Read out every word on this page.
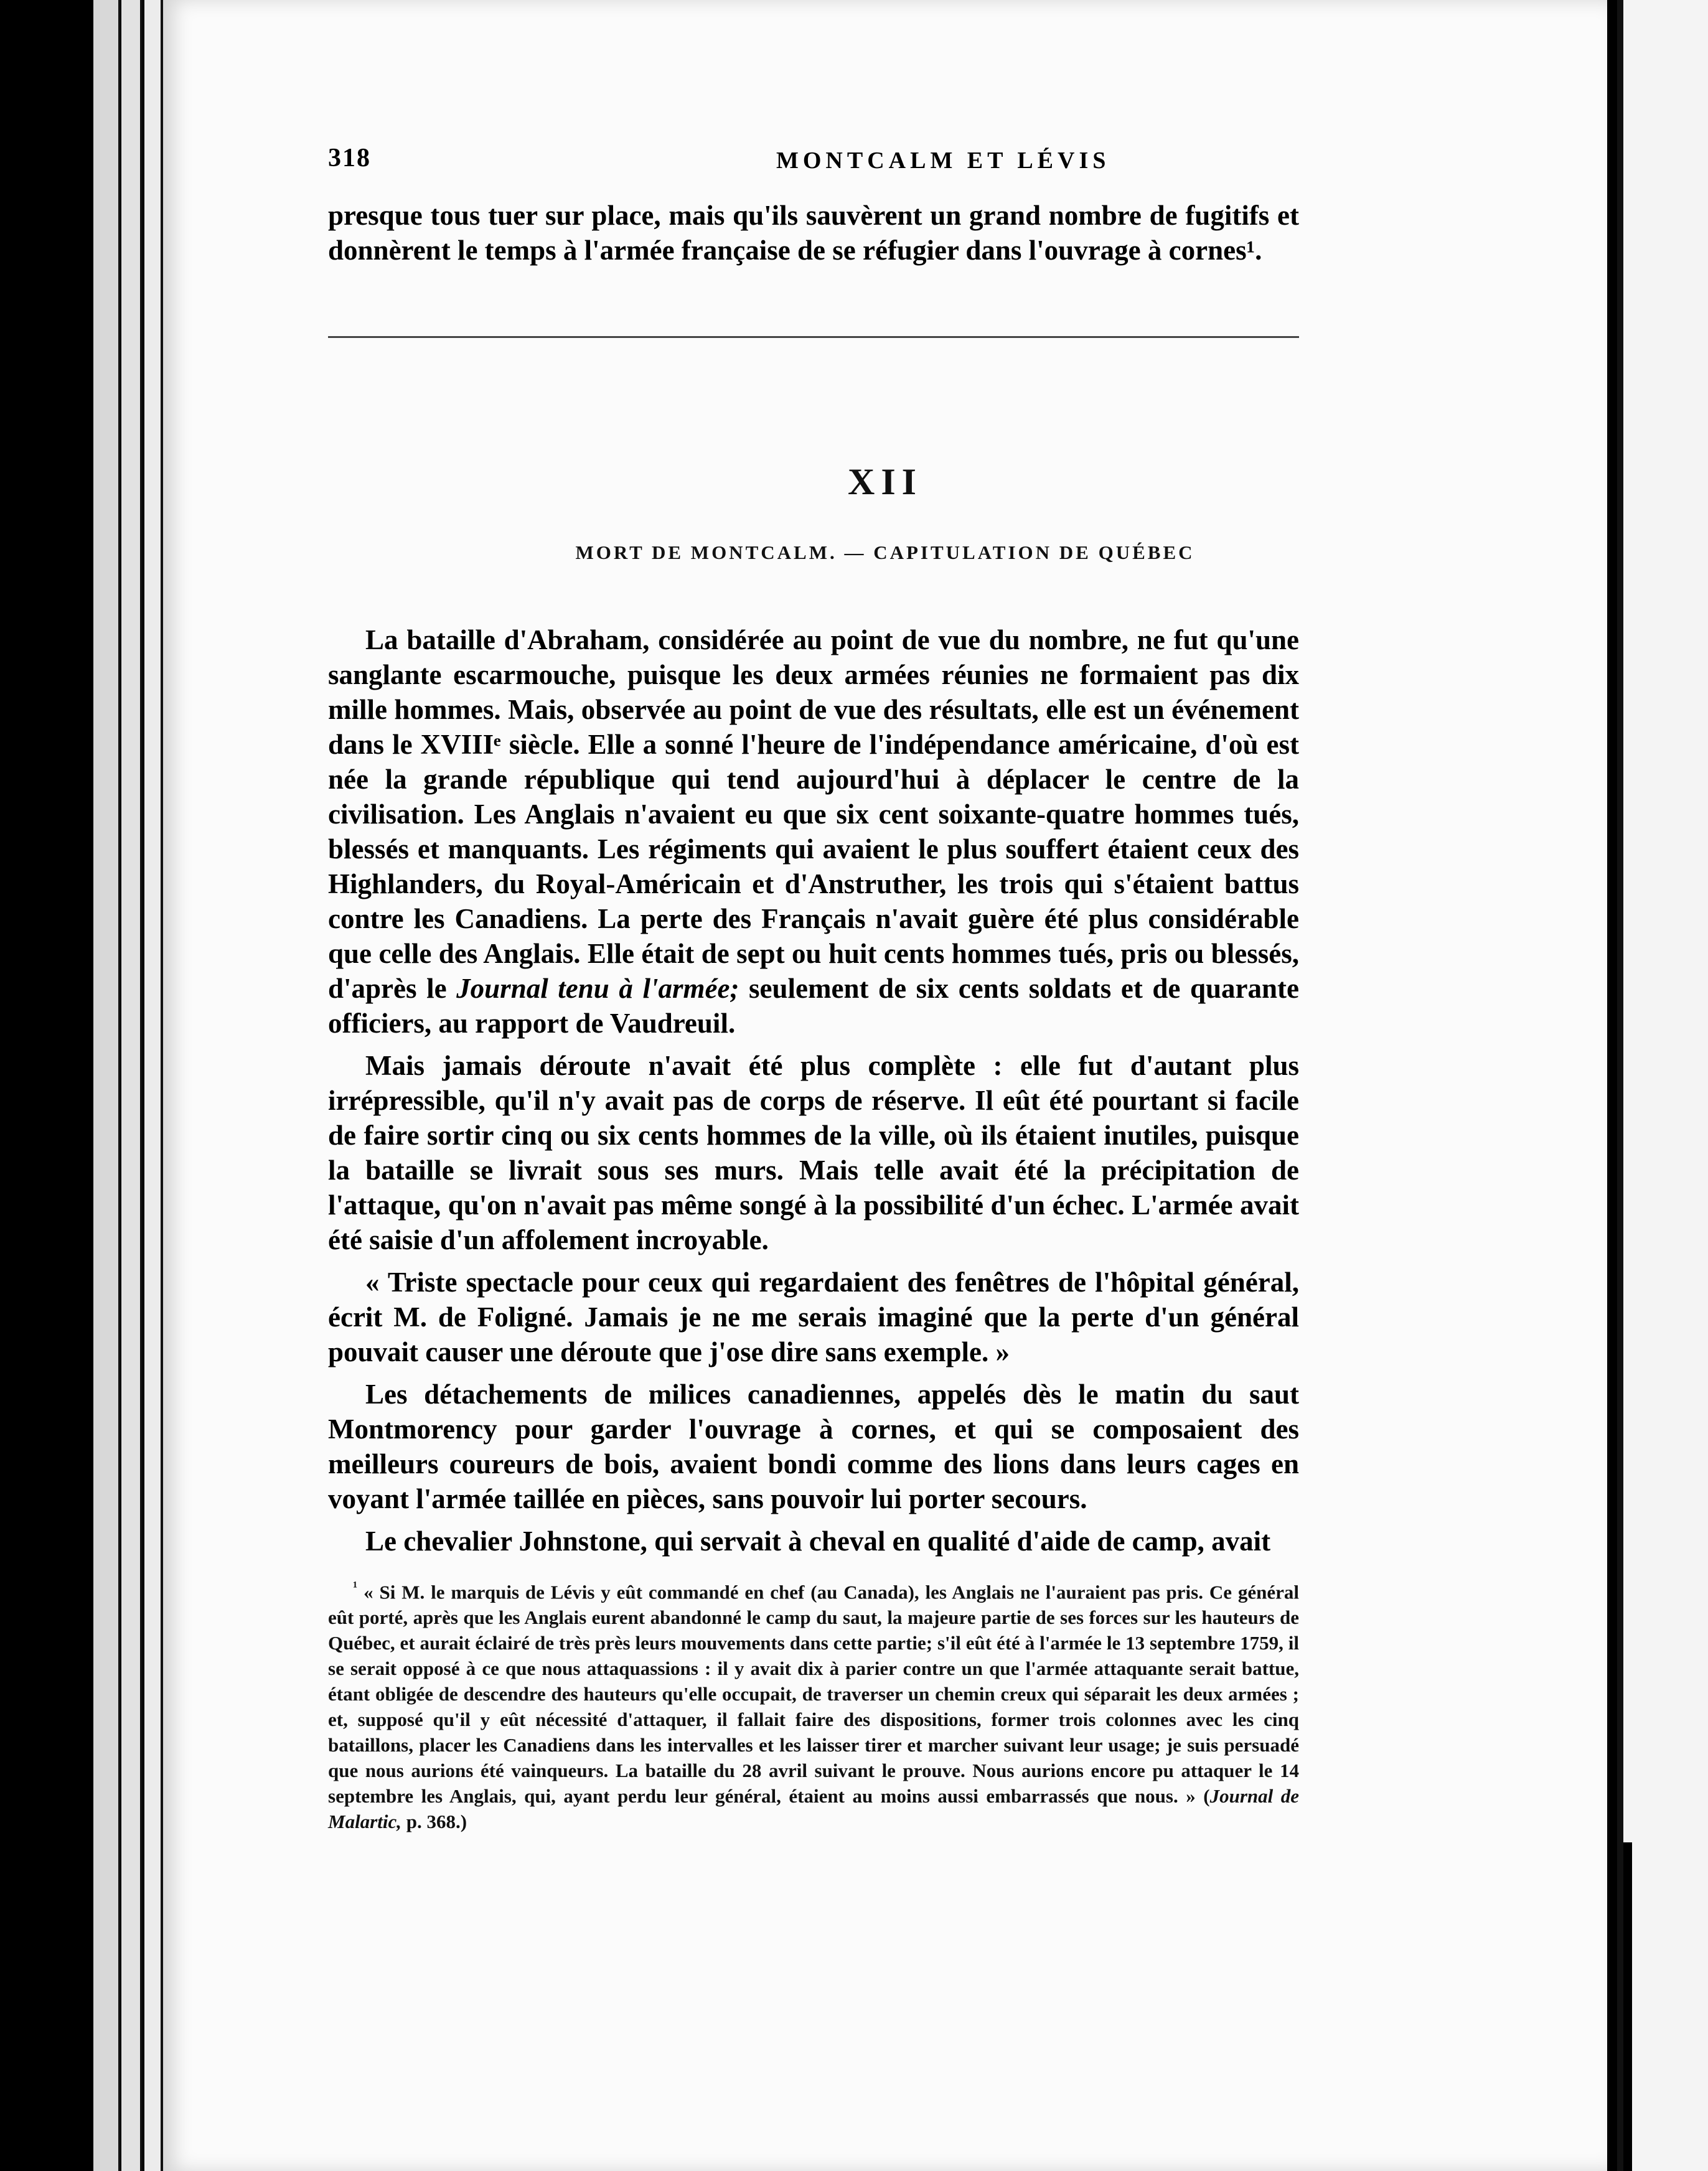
318	MONTCALM ET LÉVIS

presque tous tuer sur place, mais qu'ils sauvèrent un grand nombre de fugitifs et donnèrent le temps à l'armée française de se réfugier dans l'ouvrage à cornes¹.

XII
MORT DE MONTCALM. — CAPITULATION DE QUÉBEC

La bataille d'Abraham, considérée au point de vue du nombre, ne fut qu'une sanglante escarmouche, puisque les deux armées réunies ne formaient pas dix mille hommes. Mais, observée au point de vue des résultats, elle est un événement dans le XVIIIᵉ siècle. Elle a sonné l'heure de l'indépendance américaine, d'où est née la grande république qui tend aujourd'hui à déplacer le centre de la civilisation. Les Anglais n'avaient eu que six cent soixante-quatre hommes tués, blessés et manquants. Les régiments qui avaient le plus souffert étaient ceux des Highlanders, du Royal-Américain et d'Anstruther, les trois qui s'étaient battus contre les Canadiens. La perte des Français n'avait guère été plus considérable que celle des Anglais. Elle était de sept ou huit cents hommes tués, pris ou blessés, d'après le Journal tenu à l'armée; seulement de six cents soldats et de quarante officiers, au rapport de Vaudreuil.

Mais jamais déroute n'avait été plus complète : elle fut d'autant plus irrépressible, qu'il n'y avait pas de corps de réserve. Il eût été pourtant si facile de faire sortir cinq ou six cents hommes de la ville, où ils étaient inutiles, puisque la bataille se livrait sous ses murs. Mais telle avait été la précipitation de l'attaque, qu'on n'avait pas même songé à la possibilité d'un échec. L'armée avait été saisie d'un affolement incroyable.

« Triste spectacle pour ceux qui regardaient des fenêtres de l'hôpital général, écrit M. de Foligné. Jamais je ne me serais imaginé que la perte d'un général pouvait causer une déroute que j'ose dire sans exemple. »

Les détachements de milices canadiennes, appelés dès le matin du saut Montmorency pour garder l'ouvrage à cornes, et qui se composaient des meilleurs coureurs de bois, avaient bondi comme des lions dans leurs cages en voyant l'armée taillée en pièces, sans pouvoir lui porter secours.

Le chevalier Johnstone, qui servait à cheval en qualité d'aide de camp, avait

$^{^1}$ « Si M. le marquis de Lévis y eût commandé en chef (au Canada), les Anglais ne l'auraient pas pris. Ce général eût porté, après que les Anglais eurent abandonné le camp du saut, la majeure partie de ses forces sur les hauteurs de Québec, et aurait éclairé de très près leurs mouvements dans cette partie; s'il eût été à l'armée le 13 septembre 1759, il se serait opposé à ce que nous attaquassions : il y avait dix à parier contre un que l'armée attaquante serait battue, étant obligée de descendre des hauteurs qu'elle occupait, de traverser un chemin creux qui séparait les deux armées ; et, supposé qu'il y eût nécessité d'attaquer, il fallait faire des dispositions, former trois colonnes avec les cinq bataillons, placer les Canadiens dans les intervalles et les laisser tirer et marcher suivant leur usage; je suis persuadé que nous aurions été vainqueurs. La bataille du 28 avril suivant le prouve. Nous aurions encore pu attaquer le 14 septembre les Anglais, qui, ayant perdu leur général, étaient au moins aussi embarrassés que nous. » (Journal de Malartic, p. 368.)
